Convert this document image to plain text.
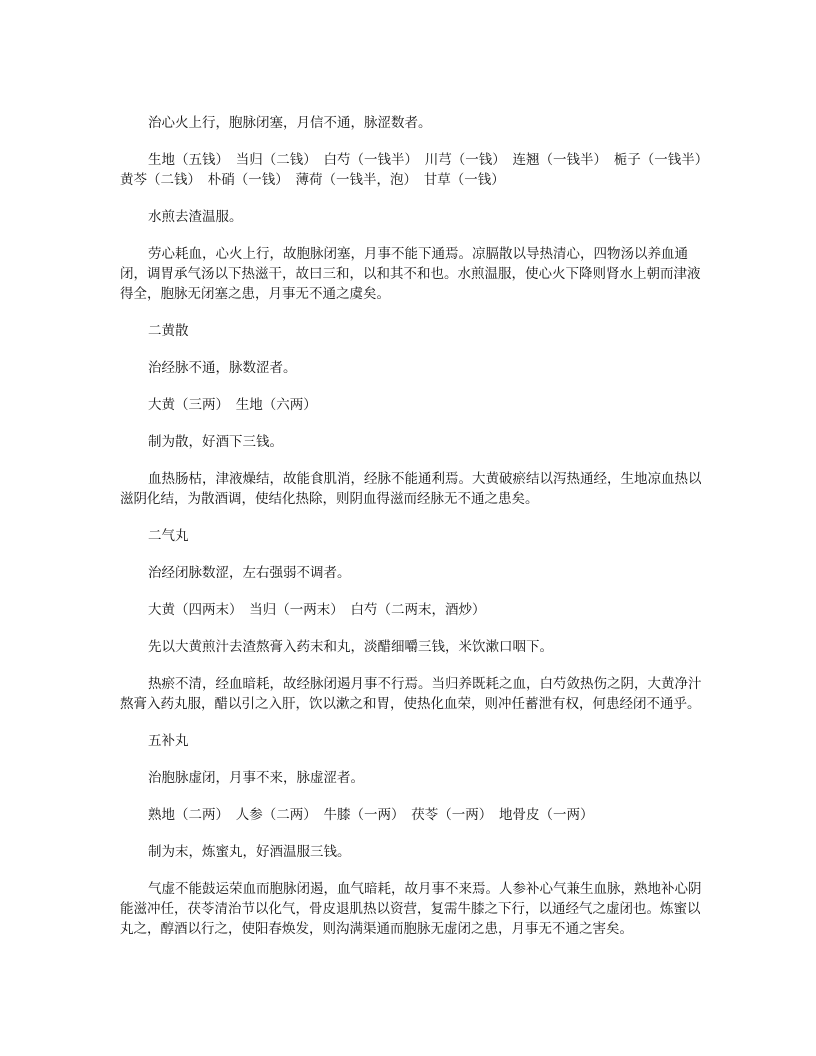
治心火上行，胞脉闭塞，月信不通，脉涩数者。

生地（五钱）　当归（二钱）　白芍（一钱半）　川芎（一钱）　连翘（一钱半）　栀子（一钱半）　黄芩（二钱）　朴硝（一钱）　薄荷（一钱半，泡）　甘草（一钱）

水煎去渣温服。

劳心耗血，心火上行，故胞脉闭塞，月事不能下通焉。凉膈散以导热清心，四物汤以养血通闭，调胃承气汤以下热滋干，故曰三和，以和其不和也。水煎温服，使心火下降则肾水上朝而津液得全，胞脉无闭塞之患，月事无不通之虞矣。

二黄散

治经脉不通，脉数涩者。

大黄（三两）　生地（六两）

制为散，好酒下三钱。

血热肠枯，津液燥结，故能食肌消，经脉不能通利焉。大黄破瘀结以泻热通经，生地凉血热以滋阴化结，为散酒调，使结化热除，则阴血得滋而经脉无不通之患矣。

二气丸

治经闭脉数涩，左右强弱不调者。

大黄（四两末）　当归（一两末）　白芍（二两末，酒炒）

先以大黄煎汁去渣熬膏入药末和丸，淡醋细嚼三钱，米饮漱口咽下。

热瘀不清，经血暗耗，故经脉闭遏月事不行焉。当归养既耗之血，白芍敛热伤之阴，大黄净汁熬膏入药丸服，醋以引之入肝，饮以漱之和胃，使热化血荣，则冲任蓄泄有权，何患经闭不通乎。

五补丸

治胞脉虚闭，月事不来，脉虚涩者。

熟地（二两）　人参（二两）　牛膝（一两）　茯苓（一两）　地骨皮（一两）

制为末，炼蜜丸，好酒温服三钱。

气虚不能鼓运荣血而胞脉闭遏，血气暗耗，故月事不来焉。人参补心气兼生血脉，熟地补心阴能滋冲任，茯苓清治节以化气，骨皮退肌热以资营，复需牛膝之下行，以通经气之虚闭也。炼蜜以丸之，醇酒以行之，使阳春焕发，则沟满渠通而胞脉无虚闭之患，月事无不通之害矣。
